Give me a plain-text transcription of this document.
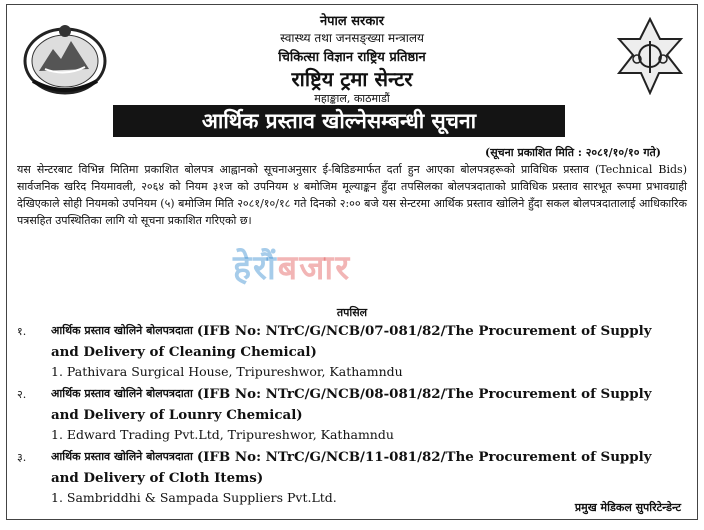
नेपाल सरकार
स्वास्थ्य तथा जनसङ्ख्या मन्त्रालय
चिकित्सा विज्ञान राष्ट्रिय प्रतिष्ठान
राष्ट्रिय ट्रमा सेन्टर
महाङ्काल, काठमाडौं
आर्थिक प्रस्ताव खोल्नेसम्बन्धी सूचना
(सूचना प्रकाशित मिति : २०८१/१०/१० गते)

यस सेन्टरबाट विभिन्न मितिमा प्रकाशित बोलपत्र आह्वानको सूचनाअनुसार ई-बिडिङमार्फत दर्ता हुन आएका बोलपत्रहरूको प्राविधिक प्रस्ताव (Technical Bids) सार्वजनिक खरिद नियमावली, २०६४ को नियम ३१ज को उपनियम ४ बमोजिम मूल्याङ्कन हुँदा तपसिलका बोलपत्रदाताको प्राविधिक प्रस्ताव सारभूत रूपमा प्रभावग्राही देखिएकाले सोही नियमको उपनियम (५) बमोजिम मिति २०८१/१०/१८ गते दिनको २:०० बजे यस सेन्टरमा आर्थिक प्रस्ताव खोलिने हुँदा सकल बोलपत्रदातालाई आधिकारिक पत्रसहित उपस्थितिका लागि यो सूचना प्रकाशित गरिएको छ।

हेरौंबजार
तपसिल
१.	आर्थिक प्रस्ताव खोलिने बोलपत्रदाता (IFB No: NTrC/G/NCB/07-081/82/The Procurement of Supply
and Delivery of Cleaning Chemical)
1. Pathivara Surgical House, Tripureshwor, Kathamndu
२.	आर्थिक प्रस्ताव खोलिने बोलपत्रदाता (IFB No: NTrC/G/NCB/08-081/82/The Procurement of Supply
and Delivery of Lounry Chemical)
1. Edward Trading Pvt.Ltd, Tripureshwor, Kathamndu
३.	आर्थिक प्रस्ताव खोलिने बोलपत्रदाता (IFB No: NTrC/G/NCB/11-081/82/The Procurement of Supply
and Delivery of Cloth Items)
1. Sambriddhi & Sampada Suppliers Pvt.Ltd.
प्रमुख मेडिकल सुपरिटेन्डेन्ट
